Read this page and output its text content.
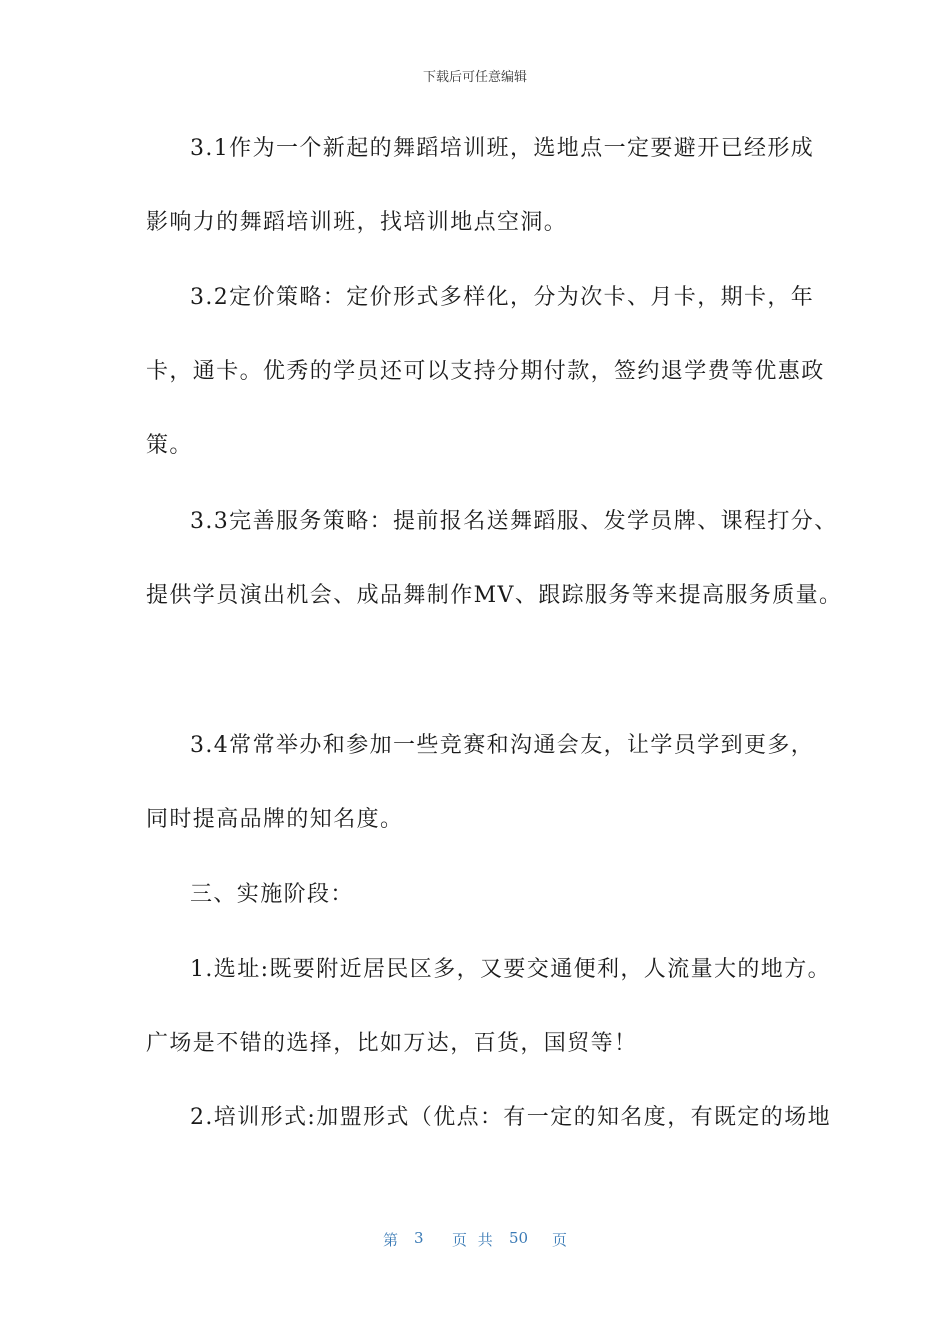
下载后可任意编辑
3.1作为一个新起的舞蹈培训班，选地点一定要避开已经形成
影响力的舞蹈培训班，找培训地点空洞。
3.2定价策略：定价形式多样化，分为次卡、月卡，期卡，年
卡，通卡。优秀的学员还可以支持分期付款，签约退学费等优惠政
策。
3.3完善服务策略：提前报名送舞蹈服、发学员牌、课程打分、
提供学员演出机会、成品舞制作MV、跟踪服务等来提高服务质量。
3.4常常举办和参加一些竞赛和沟通会友，让学员学到更多，
同时提高品牌的知名度。
三、实施阶段：
1.选址:既要附近居民区多，又要交通便利，人流量大的地方。
广场是不错的选择，比如万达，百货，国贸等！
2.培训形式:加盟形式（优点：有一定的知名度，有既定的场地
第 3 页 共 50 页
